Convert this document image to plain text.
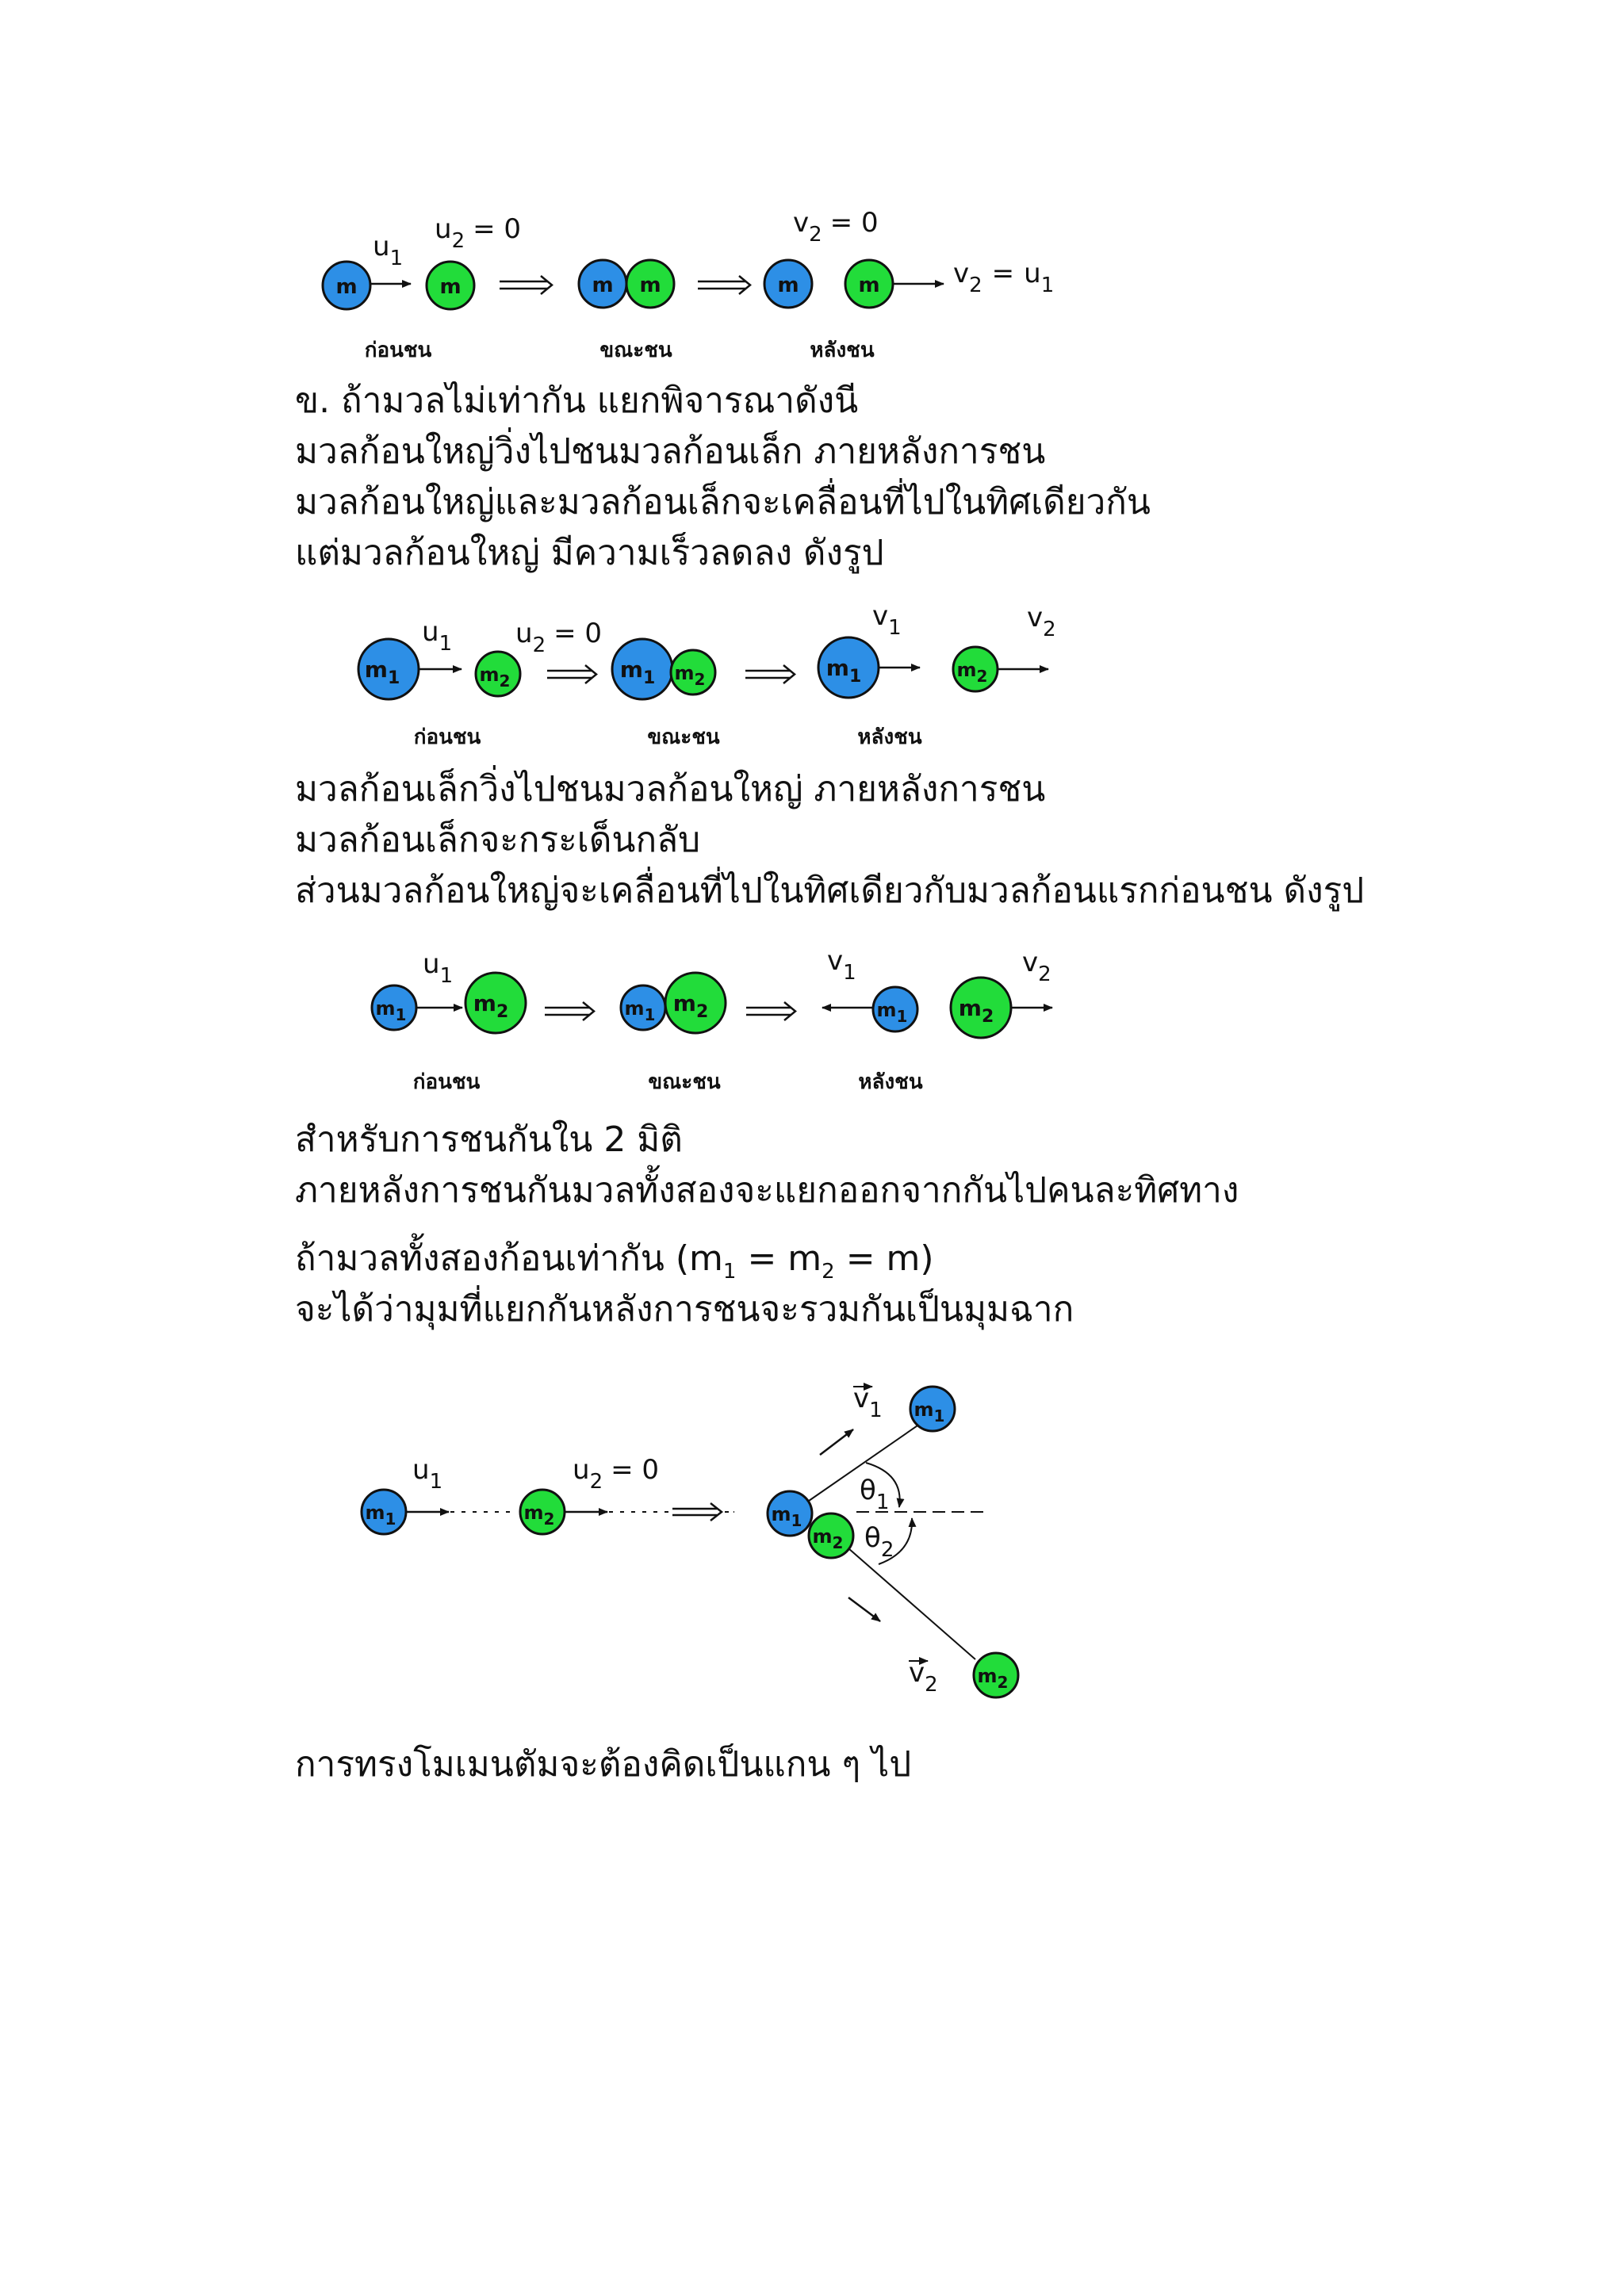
m
$u_1$
m
$u_2 = 0$
m m	m
$v_2 = 0$
m	$v_2 = u_1$
ก่อนชน	ขณะชน	หลังชน
ข. ถ้ามวลไม่เท่ากัน แยกพิจารณาดังนี
มวลก้อนใหญ่วิ่งไปชนมวลก้อนเล็ก ภายหลังการชน
มวลก้อนใหญ่และมวลก้อนเล็กจะเคลื่อนที่ไปในทิศเดียวกัน
แต่มวลก้อนใหญ่ มีความเร็วลดลง ดังรูป
$m_1$
$u_1$
$m_2$
$u_2 = 0$
$m_1$ $m_2$	$m_1$
$v_1$
$m_2$
$v_2$
ก่อนชน	ขณะชน	หลังชน
มวลก้อนเล็กวิ่งไปชนมวลก้อนใหญ่ ภายหลังการชน
มวลก้อนเล็กจะกระเด็นกลับ
ส่วนมวลก้อนใหญ่จะเคลื่อนที่ไปในทิศเดียวกับมวลก้อนแรกก่อนชน ดังรูป
$m_1$
$u_1$
$m_2$	$m_1$ $m_2$
$v_1$
$m_1$ $m_2$
$v_2$
ก่อนชน	ขณะชน	หลังชน
สำหรับการชนกันใน 2 มิติ
ภายหลังการชนกันมวลทั้งสองจะแยกออกจากกันไปคนละทิศทาง
ถ้ามวลทั้งสองก้อนเท่ากัน $(m_1 = m_2 = m)$
จะได้ว่ามุมที่แยกกันหลังการชนจะรวมกันเป็นมุมฉาก
$m_1$
$u_1$
$m_2$
$u_2 = 0$
$m_1$
$m_2$
$m_1$
$m_2$
$v_1$
$v_2$
$\theta_1$
$\theta_2$
การทรงโมเมนตัมจะต้องคิดเป็นแกน ๆ ไป
